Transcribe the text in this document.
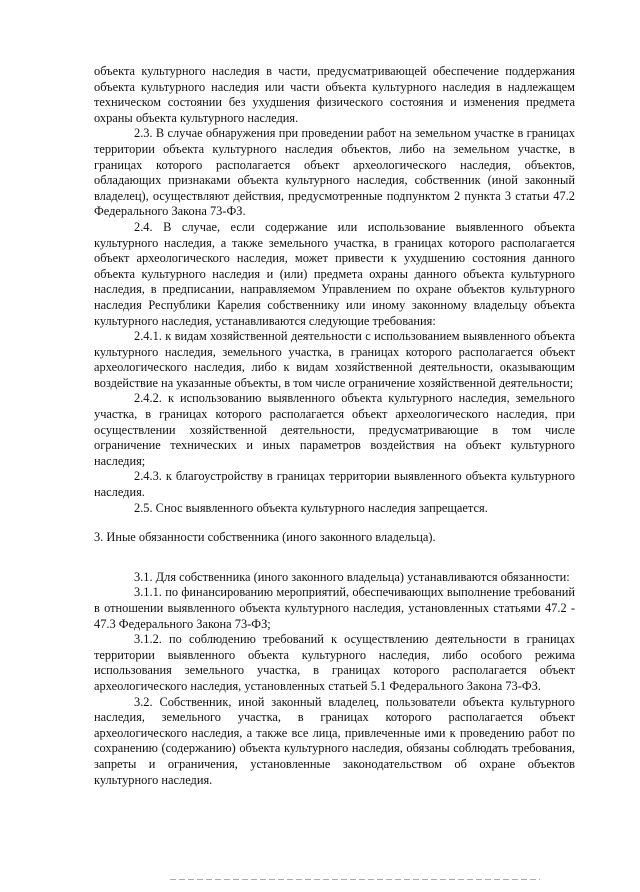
объекта культурного наследия в части, предусматривающей обеспечение поддержания объекта культурного наследия или части объекта культурного наследия в надлежащем техническом состоянии без ухудшения физического состояния и изменения предмета охраны объекта культурного наследия.

2.3. В случае обнаружения при проведении работ на земельном участке в границах территории объекта культурного наследия объектов, либо на земельном участке, в границах которого располагается объект археологического наследия, объектов, обладающих признаками объекта культурного наследия, собственник (иной законный владелец), осуществляют действия, предусмотренные подпунктом 2 пункта 3 статьи 47.2 Федерального Закона 73-ФЗ.

2.4. В случае, если содержание или использование выявленного объекта культурного наследия, а также земельного участка, в границах которого располагается объект археологического наследия, может привести к ухудшению состояния данного объекта культурного наследия и (или) предмета охраны данного объекта культурного наследия, в предписании, направляемом Управлением по охране объектов культурного наследия Республики Карелия собственнику или иному законному владельцу объекта культурного наследия, устанавливаются следующие требования:

2.4.1. к видам хозяйственной деятельности с использованием выявленного объекта культурного наследия, земельного участка, в границах которого располагается объект археологического наследия, либо к видам хозяйственной деятельности, оказывающим воздействие на указанные объекты, в том числе ограничение хозяйственной деятельности;

2.4.2. к использованию выявленного объекта культурного наследия, земельного участка, в границах которого располагается объект археологического наследия, при осуществлении хозяйственной деятельности, предусматривающие в том числе ограничение технических и иных параметров воздействия на объект культурного наследия;

2.4.3. к благоустройству в границах территории выявленного объекта культурного наследия.

2.5. Снос выявленного объекта культурного наследия запрещается.

3. Иные обязанности собственника (иного законного владельца).

3.1. Для собственника (иного законного владельца) устанавливаются обязанности:

3.1.1. по финансированию мероприятий, обеспечивающих выполнение требований в отношении выявленного объекта культурного наследия, установленных статьями 47.2 - 47.3 Федерального Закона 73-ФЗ;

3.1.2. по соблюдению требований к осуществлению деятельности в границах территории выявленного объекта культурного наследия, либо особого режима использования земельного участка, в границах которого располагается объект археологического наследия, установленных статьей 5.1 Федерального Закона 73-ФЗ.

3.2. Собственник, иной законный владелец, пользователи объекта культурного наследия, земельного участка, в границах которого располагается объект археологического наследия, а также все лица, привлеченные ими к проведению работ по сохранению (содержанию) объекта культурного наследия, обязаны соблюдать требования, запреты и ограничения, установленные законодательством об охране объектов культурного наследия.
